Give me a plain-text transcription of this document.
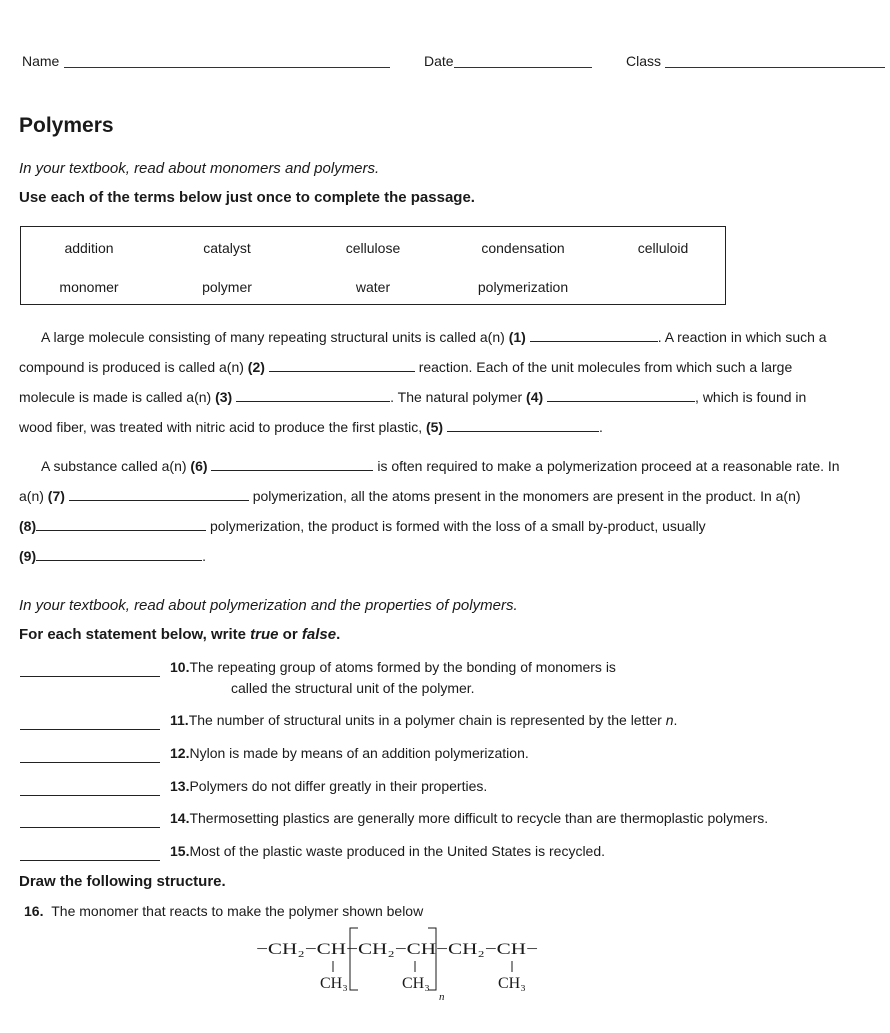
Name	Date	Class
Polymers
In your textbook, read about monomers and polymers.
Use each of the terms below just once to complete the passage.
addition	catalyst	cellulose	condensation	celluloid
monomer	polymer	water	polymerization
A large molecule consisting of many repeating structural units is called a(n) (1)	. A reaction in which such a
compound is produced is called a(n) (2)	reaction. Each of the unit molecules from which such a large
molecule is made is called a(n) (3)	. The natural polymer (4)	, which is found in
wood fiber, was treated with nitric acid to produce the first plastic, (5)	.
A substance called a(n) (6)	is often required to make a polymerization proceed at a reasonable rate. In
a(n) (7)	polymerization, all the atoms present in the monomers are present in the product. In a(n)
(8)	polymerization, the product is formed with the loss of a small by-product, usually
(9)	.
In your textbook, read about polymerization and the properties of polymers.
For each statement below, write true or false.
10.The repeating group of atoms formed by the bonding of monomers is
called the structural unit of the polymer.
11.The number of structural units in a polymer chain is represented by the letter n.
12.Nylon is made by means of an addition polymerization.
13.Polymers do not differ greatly in their properties.
14.Thermosetting plastics are generally more difficult to recycle than are thermoplastic polymers.
15.Most of the plastic waste produced in the United States is recycled.
Draw the following structure.
16. The monomer that reacts to make the polymer shown below
−CH₂−CH−CH₂−CH−CH₂−CH−
CH₃	CH₃	CH₃
n
